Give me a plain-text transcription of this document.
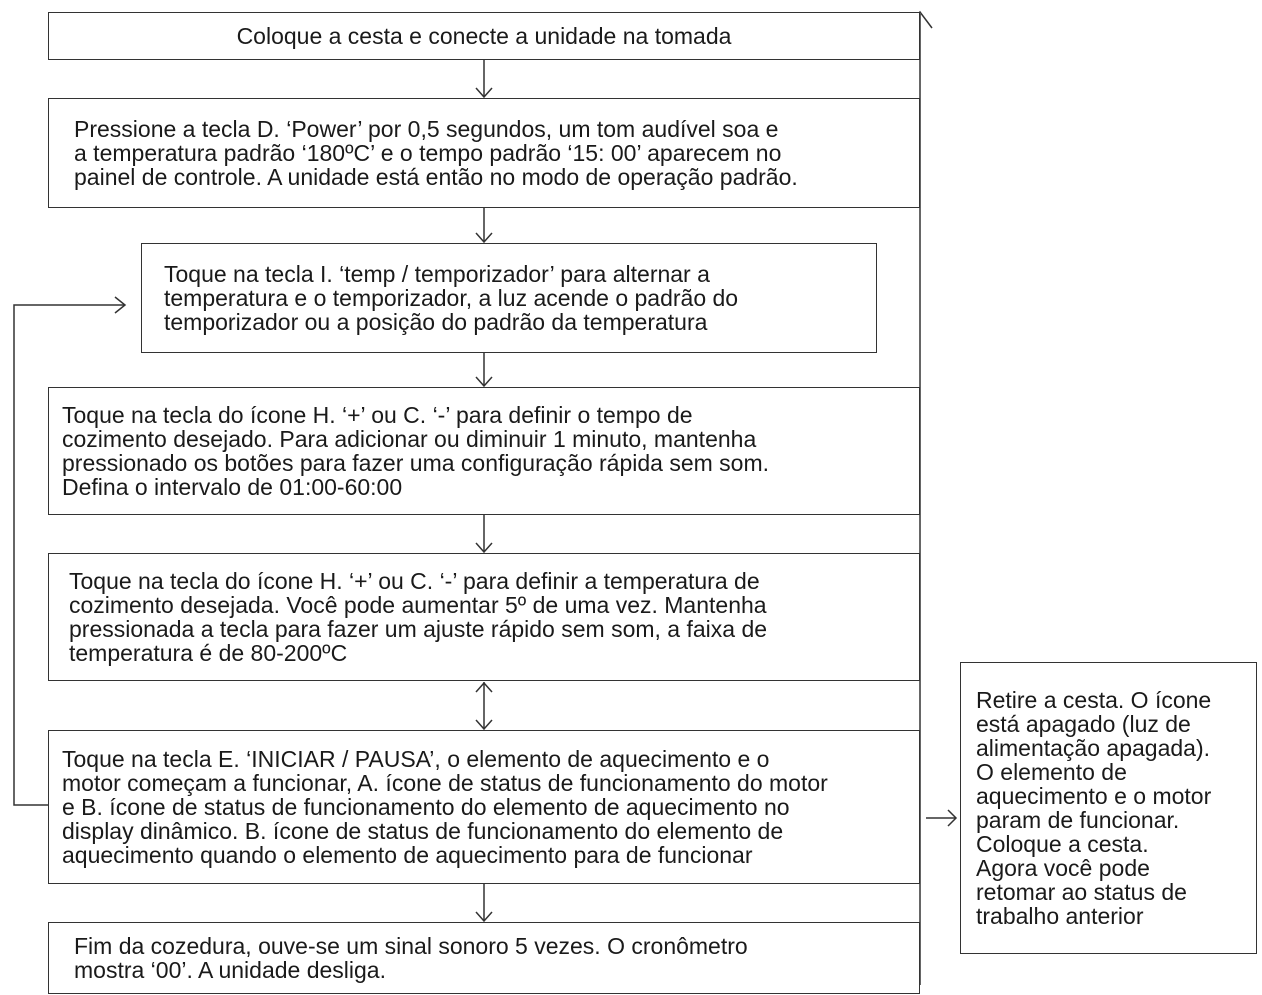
Coloque a cesta e conecte a unidade na tomada
Pressione a tecla D. ‘Power’ por 0,5 segundos, um tom audível soa e
a temperatura padrão ‘180ºC’ e o tempo padrão ‘15: 00’ aparecem no
painel de controle. A unidade está então no modo de operação padrão.
Toque na tecla I. ‘temp / temporizador’ para alternar a
temperatura e o temporizador, a luz acende o padrão do
temporizador ou a posição do padrão da temperatura
Toque na tecla do ícone H. ‘+’ ou C. ‘-’ para definir o tempo de
cozimento desejado. Para adicionar ou diminuir 1 minuto, mantenha
pressionado os botões para fazer uma configuração rápida sem som.
Defina o intervalo de 01:00-60:00
Toque na tecla do ícone H. ‘+’ ou C. ‘-’ para definir a temperatura de
cozimento desejada. Você pode aumentar 5º de uma vez. Mantenha
pressionada a tecla para fazer um ajuste rápido sem som, a faixa de
temperatura é de 80-200ºC
Toque na tecla E. ‘INICIAR / PAUSA’, o elemento de aquecimento e o
motor começam a funcionar, A. ícone de status de funcionamento do motor
e B. ícone de status de funcionamento do elemento de aquecimento no
display dinâmico. B. ícone de status de funcionamento do elemento de
aquecimento quando o elemento de aquecimento para de funcionar
Fim da cozedura, ouve-se um sinal sonoro 5 vezes. O cronômetro
mostra ‘00’. A unidade desliga.
Retire a cesta. O ícone
está apagado (luz de
alimentação apagada).
O elemento de
aquecimento e o motor
param de funcionar.
Coloque a cesta.
Agora você pode
retomar ao status de
trabalho anterior
